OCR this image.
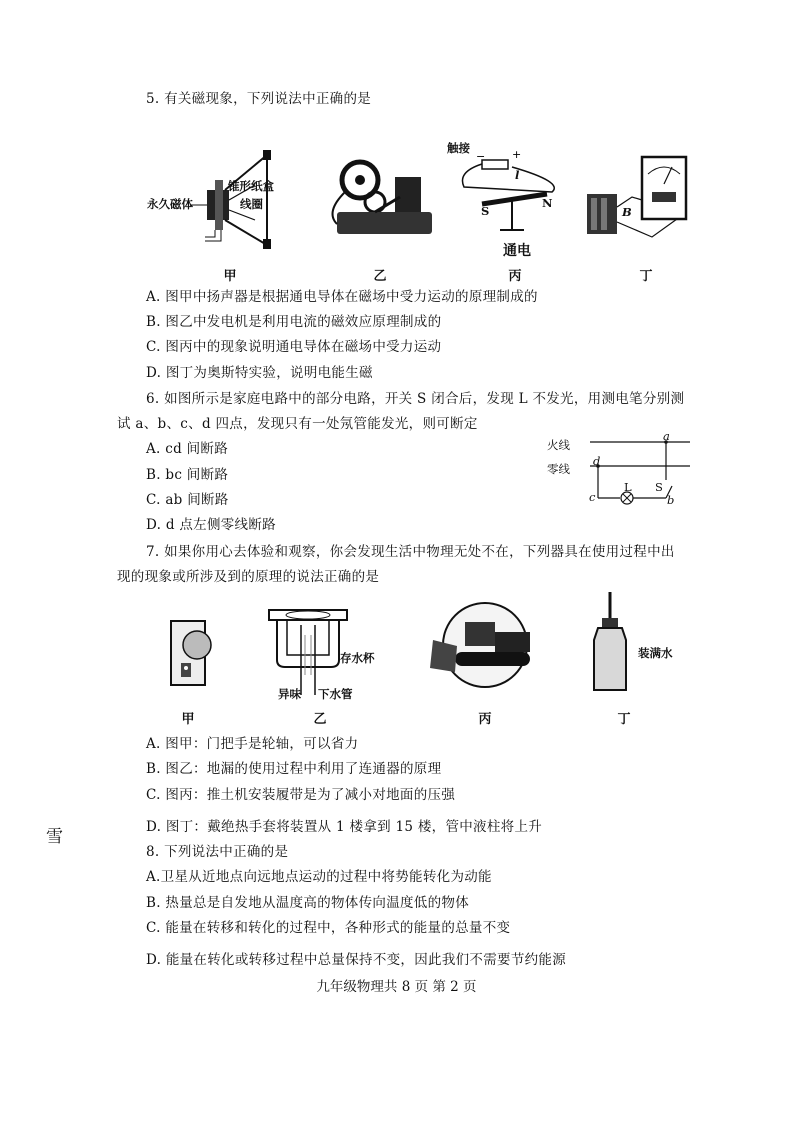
5. 有关磁现象，下列说法中正确的是
永久磁体
锥形纸盒
线圈
− +
触接
l
S
N
通电
B
甲	乙	丙	丁
A. 图甲中扬声器是根据通电导体在磁场中受力运动的原理制成的
B. 图乙中发电机是利用电流的磁效应原理制成的
C. 图丙中的现象说明通电导体在磁场中受力运动
D. 图丁为奥斯特实验，说明电能生磁
6. 如图所示是家庭电路中的部分电路，开关 S 闭合后，发现 L 不发光，用测电笔分别测
试 a、b、c、d 四点，发现只有一处氖管能发光，则可断定
A. cd 间断路
B. bc 间断路
C. ab 间断路
D. d 点左侧零线断路
火线
零线
a
b
c
d
L S
7. 如果你用心去体验和观察，你会发现生活中物理无处不在，下列器具在使用过程中出
现的现象或所涉及到的原理的说法正确的是
存水杯
异味 下水管
装满水
甲	乙	丙	丁
A. 图甲：门把手是轮轴，可以省力
B. 图乙：地漏的使用过程中利用了连通器的原理
C. 图丙：推土机安装履带是为了减小对地面的压强
D. 图丁：戴绝热手套将装置从 1 楼拿到 15 楼，管中液柱将上升
雪
8. 下列说法中正确的是
A.卫星从近地点向远地点运动的过程中将势能转化为动能
B. 热量总是自发地从温度高的物体传向温度低的物体
C. 能量在转移和转化的过程中，各种形式的能量的总量不变
D. 能量在转化或转移过程中总量保持不变，因此我们不需要节约能源
九年级物理共 8 页 第 2 页
